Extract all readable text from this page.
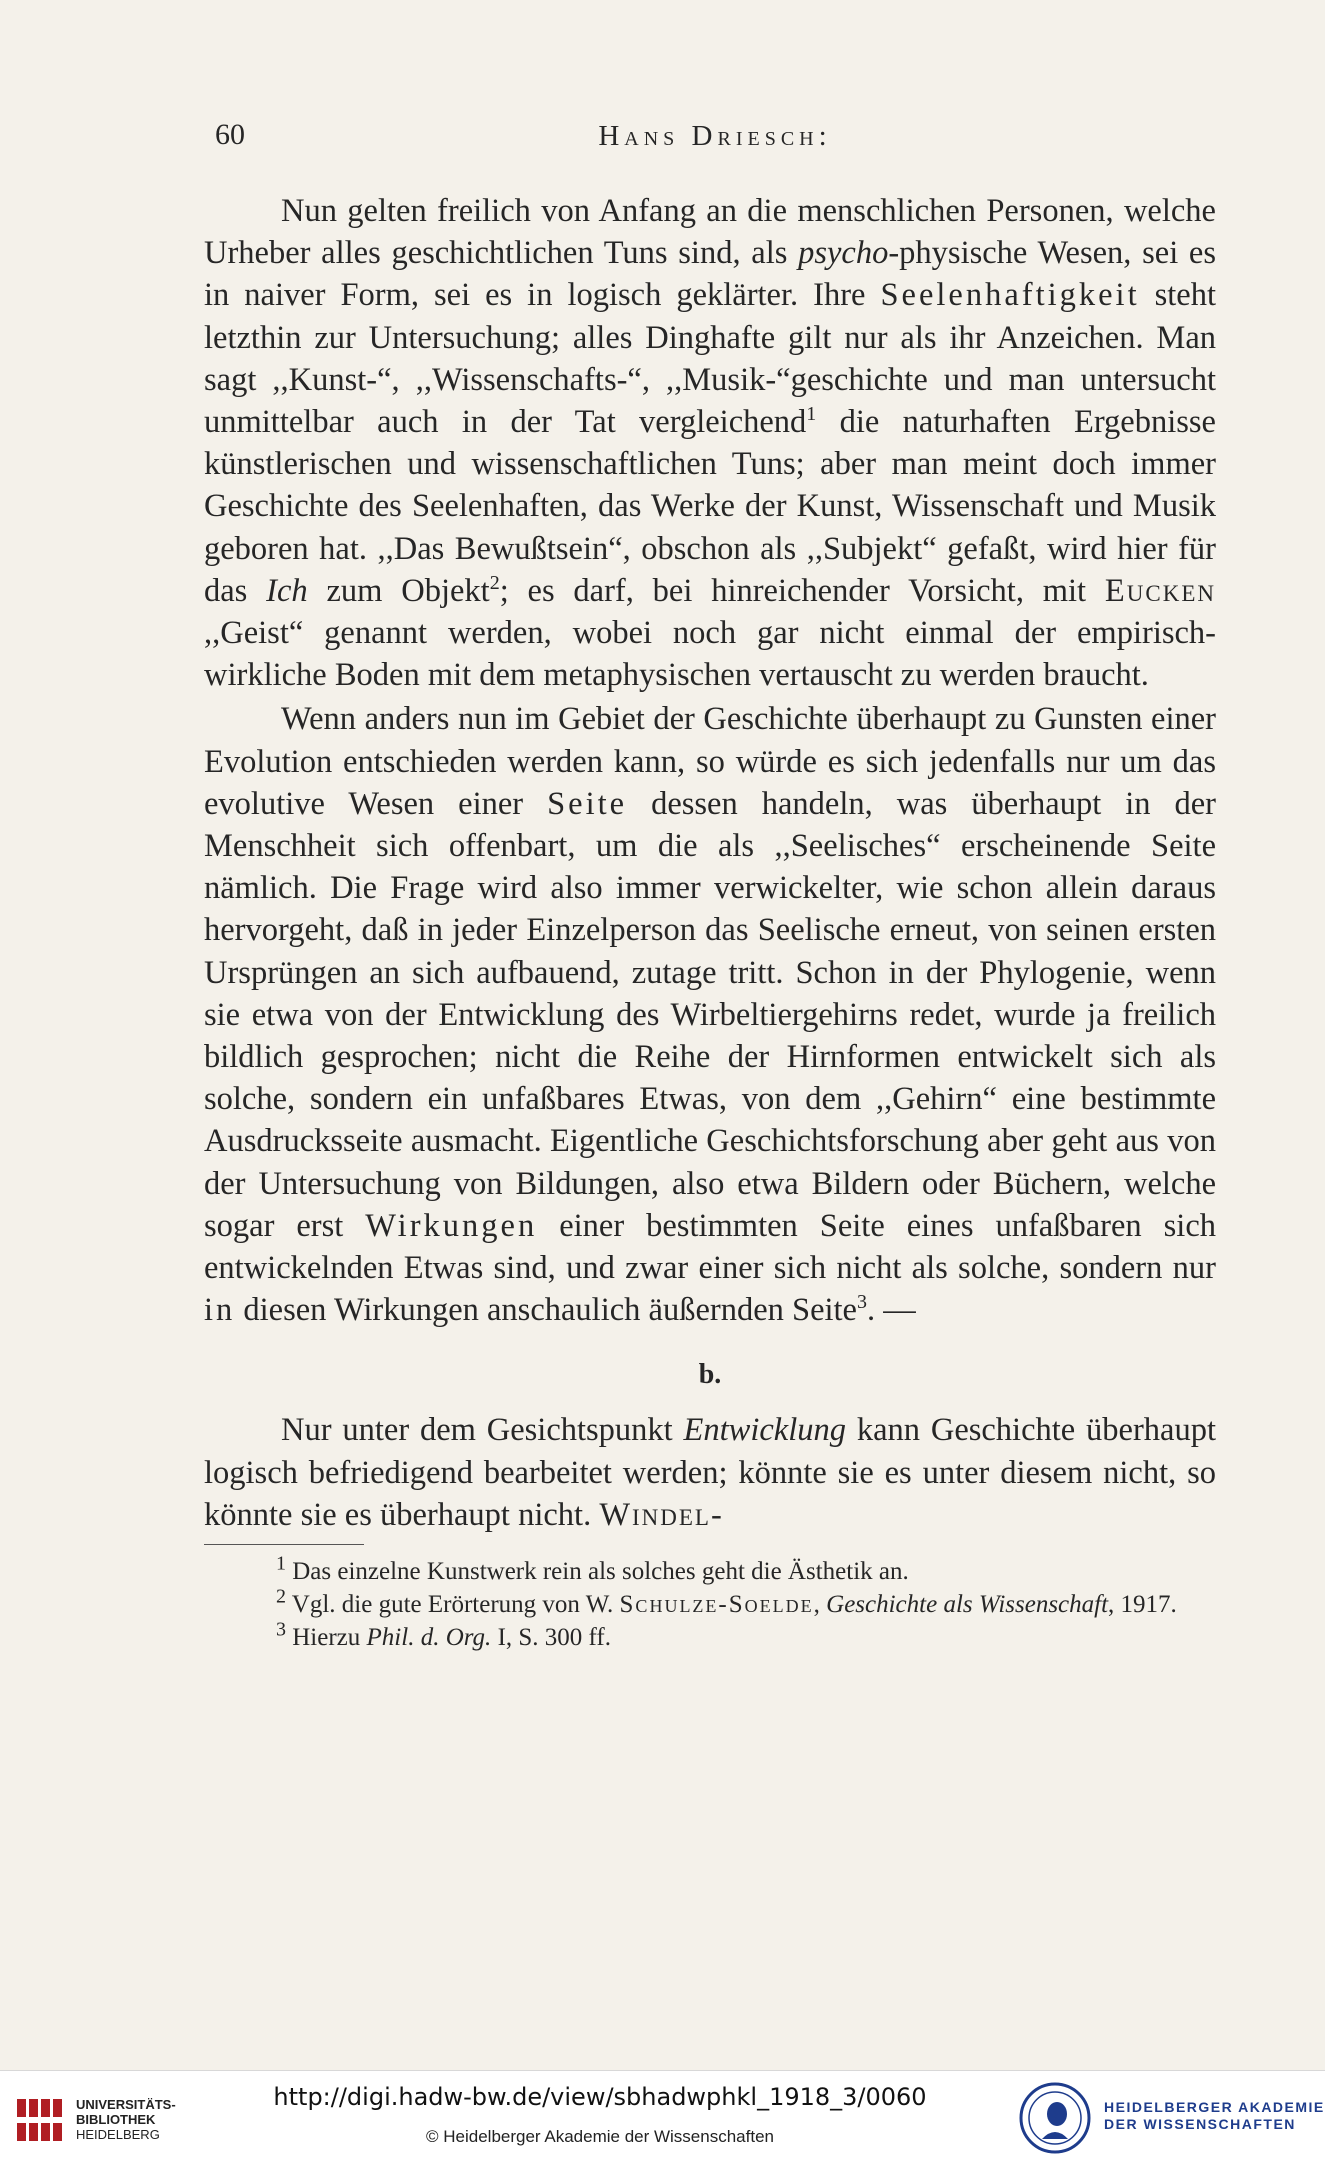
60	Hans Driesch:

Nun gelten freilich von Anfang an die menschlichen Personen, welche Urheber alles geschichtlichen Tuns sind, als psycho-physische Wesen, sei es in naiver Form, sei es in logisch geklärter. Ihre Seelenhaftigkeit steht letzthin zur Untersuchung; alles Dinghafte gilt nur als ihr Anzeichen. Man sagt ,,Kunst-“, ,,Wissenschafts-“, ,,Musik-“geschichte und man untersucht unmittelbar auch in der Tat vergleichend$^1$ die naturhaften Ergebnisse künstlerischen und wissenschaftlichen Tuns; aber man meint doch immer Geschichte des Seelenhaften, das Werke der Kunst, Wissenschaft und Musik geboren hat. ,,Das Bewußtsein“, obschon als ,,Subjekt“ gefaßt, wird hier für das Ich zum Objekt$^2$; es darf, bei hinreichender Vorsicht, mit Eucken ,,Geist“ genannt werden, wobei noch gar nicht einmal der empirisch-wirkliche Boden mit dem metaphysischen vertauscht zu werden braucht.

Wenn anders nun im Gebiet der Geschichte überhaupt zu Gunsten einer Evolution entschieden werden kann, so würde es sich jedenfalls nur um das evolutive Wesen einer Seite dessen handeln, was überhaupt in der Menschheit sich offenbart, um die als ,,Seelisches“ erscheinende Seite nämlich. Die Frage wird also immer verwickelter, wie schon allein daraus hervorgeht, daß in jeder Einzelperson das Seelische erneut, von seinen ersten Ursprüngen an sich aufbauend, zutage tritt. Schon in der Phylogenie, wenn sie etwa von der Entwicklung des Wirbeltiergehirns redet, wurde ja freilich bildlich gesprochen; nicht die Reihe der Hirnformen entwickelt sich als solche, sondern ein unfaßbares Etwas, von dem ,,Gehirn“ eine bestimmte Ausdrucksseite ausmacht. Eigentliche Geschichtsforschung aber geht aus von der Untersuchung von Bildungen, also etwa Bildern oder Büchern, welche sogar erst Wirkungen einer bestimmten Seite eines unfaßbaren sich entwickelnden Etwas sind, und zwar einer sich nicht als solche, sondern nur in diesen Wirkungen anschaulich äußernden Seite$^3$. —

b.

Nur unter dem Gesichtspunkt Entwicklung kann Geschichte überhaupt logisch befriedigend bearbeitet werden; könnte sie es unter diesem nicht, so könnte sie es überhaupt nicht. Windel-

$^1$ Das einzelne Kunstwerk rein als solches geht die Ästhetik an.

$^2$ Vgl. die gute Erörterung von W. Schulze-Soelde, Geschichte als Wissenschaft, 1917.

$^3$ Hierzu Phil. d. Org. I, S. 300 ff.

UNIVERSITÄTS-
BIBLIOTHEK
HEIDELBERG
http://digi.hadw-bw.de/view/sbhadwphkl_1918_3/0060
© Heidelberger Akademie der Wissenschaften
HEIDELBERGER AKADEMIE
DER WISSENSCHAFTEN
